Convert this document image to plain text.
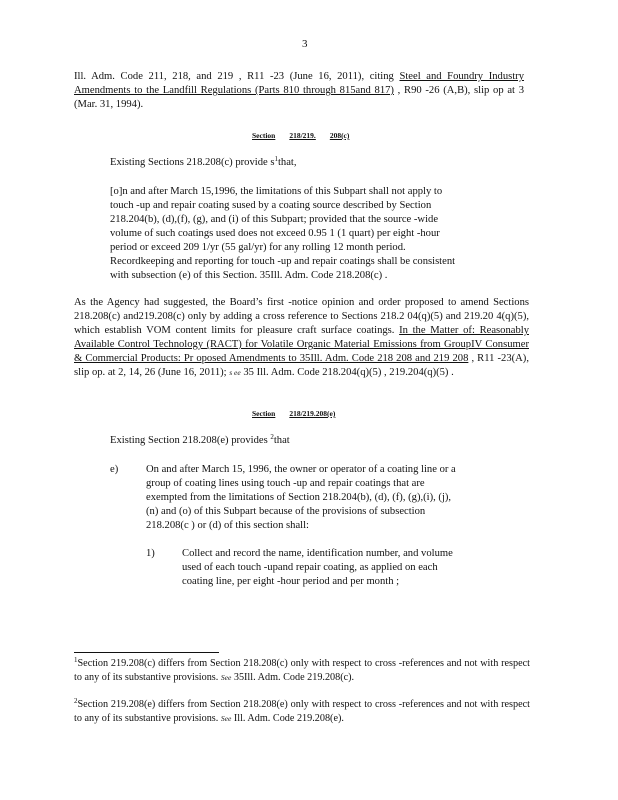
3
Ill. Adm. Code 211, 218, and 219 , R11 -23 (June 16, 2011), citing Steel and Foundry Industry Amendments to the Landfill Regulations (Parts 810 through 815and 817) , R90 -26 (A,B), slip op at 3 (Mar. 31, 1994).
Section 218/219. 208(c)
Existing Sections 218.208(c) provide $s^1that$,
[o]n and after March 15,1996, the limitations of this Subpart shall not apply to
touch -up and repair coating sused by a coating source described by Section
218.204(b), (d),(f), (g), and (i) of this Subpart; provided that the source -wide
volume of such coatings used does not exceed 0.95 1 (1 quart) per eight -hour
period or exceed 209 1/yr (55 gal/yr) for any rolling 12 month period.
Recordkeeping and reporting for touch -up and repair coatings shall be consistent
with subsection (e) of this Section. 35Ill. Adm. Code 218.208(c) .
As the Agency had suggested, the Board’s first -notice opinion and order proposed to amend Sections 218.208(c) and219.208(c) only by adding a cross reference to Sections 218.2 04(q)(5) and 219.20 4(q)(5), which establish VOM content limits for pleasure craft surface coatings. In the Matter of: Reasonably Available Control Technology (RACT) for Volatile Organic Material Emissions from GroupIV Consumer & Commercial Products: Pr oposed Amendments to 35Ill. Adm. Code 218 208 and 219 208 , R11 -23(A), slip op. at 2, 14, 26 (June 16, 2011); s ee 35 Ill. Adm. Code 218.204(q)(5) , 219.204(q)(5) .
Section 218/219.208(e)
Existing Section 218.208(e) provides $^2$that
e)	On and after March 15, 1996, the owner or operator of a coating line or a
group of coating lines using touch -up and repair coatings that are
exempted from the limitations of Section 218.204(b), (d), (f), (g),(i), (j),
(n) and (o) of this Subpart because of the provisions of subsection
218.208(c ) or (d) of this section shall:
1)	Collect and record the name, identification number, and volume
used of each touch -upand repair coating, as applied on each
coating line, per eight -hour period and per month ;
$^1$Section 219.208(c) differs from Section 218.208(c) only with respect to cross -references and not with respect to any of its substantive provisions. See 35Ill. Adm. Code 219.208(c).
$^2$Section 219.208(e) differs from Section 218.208(e) only with respect to cross -references and not with respect to any of its substantive provisions. See Ill. Adm. Code 219.208(e).
